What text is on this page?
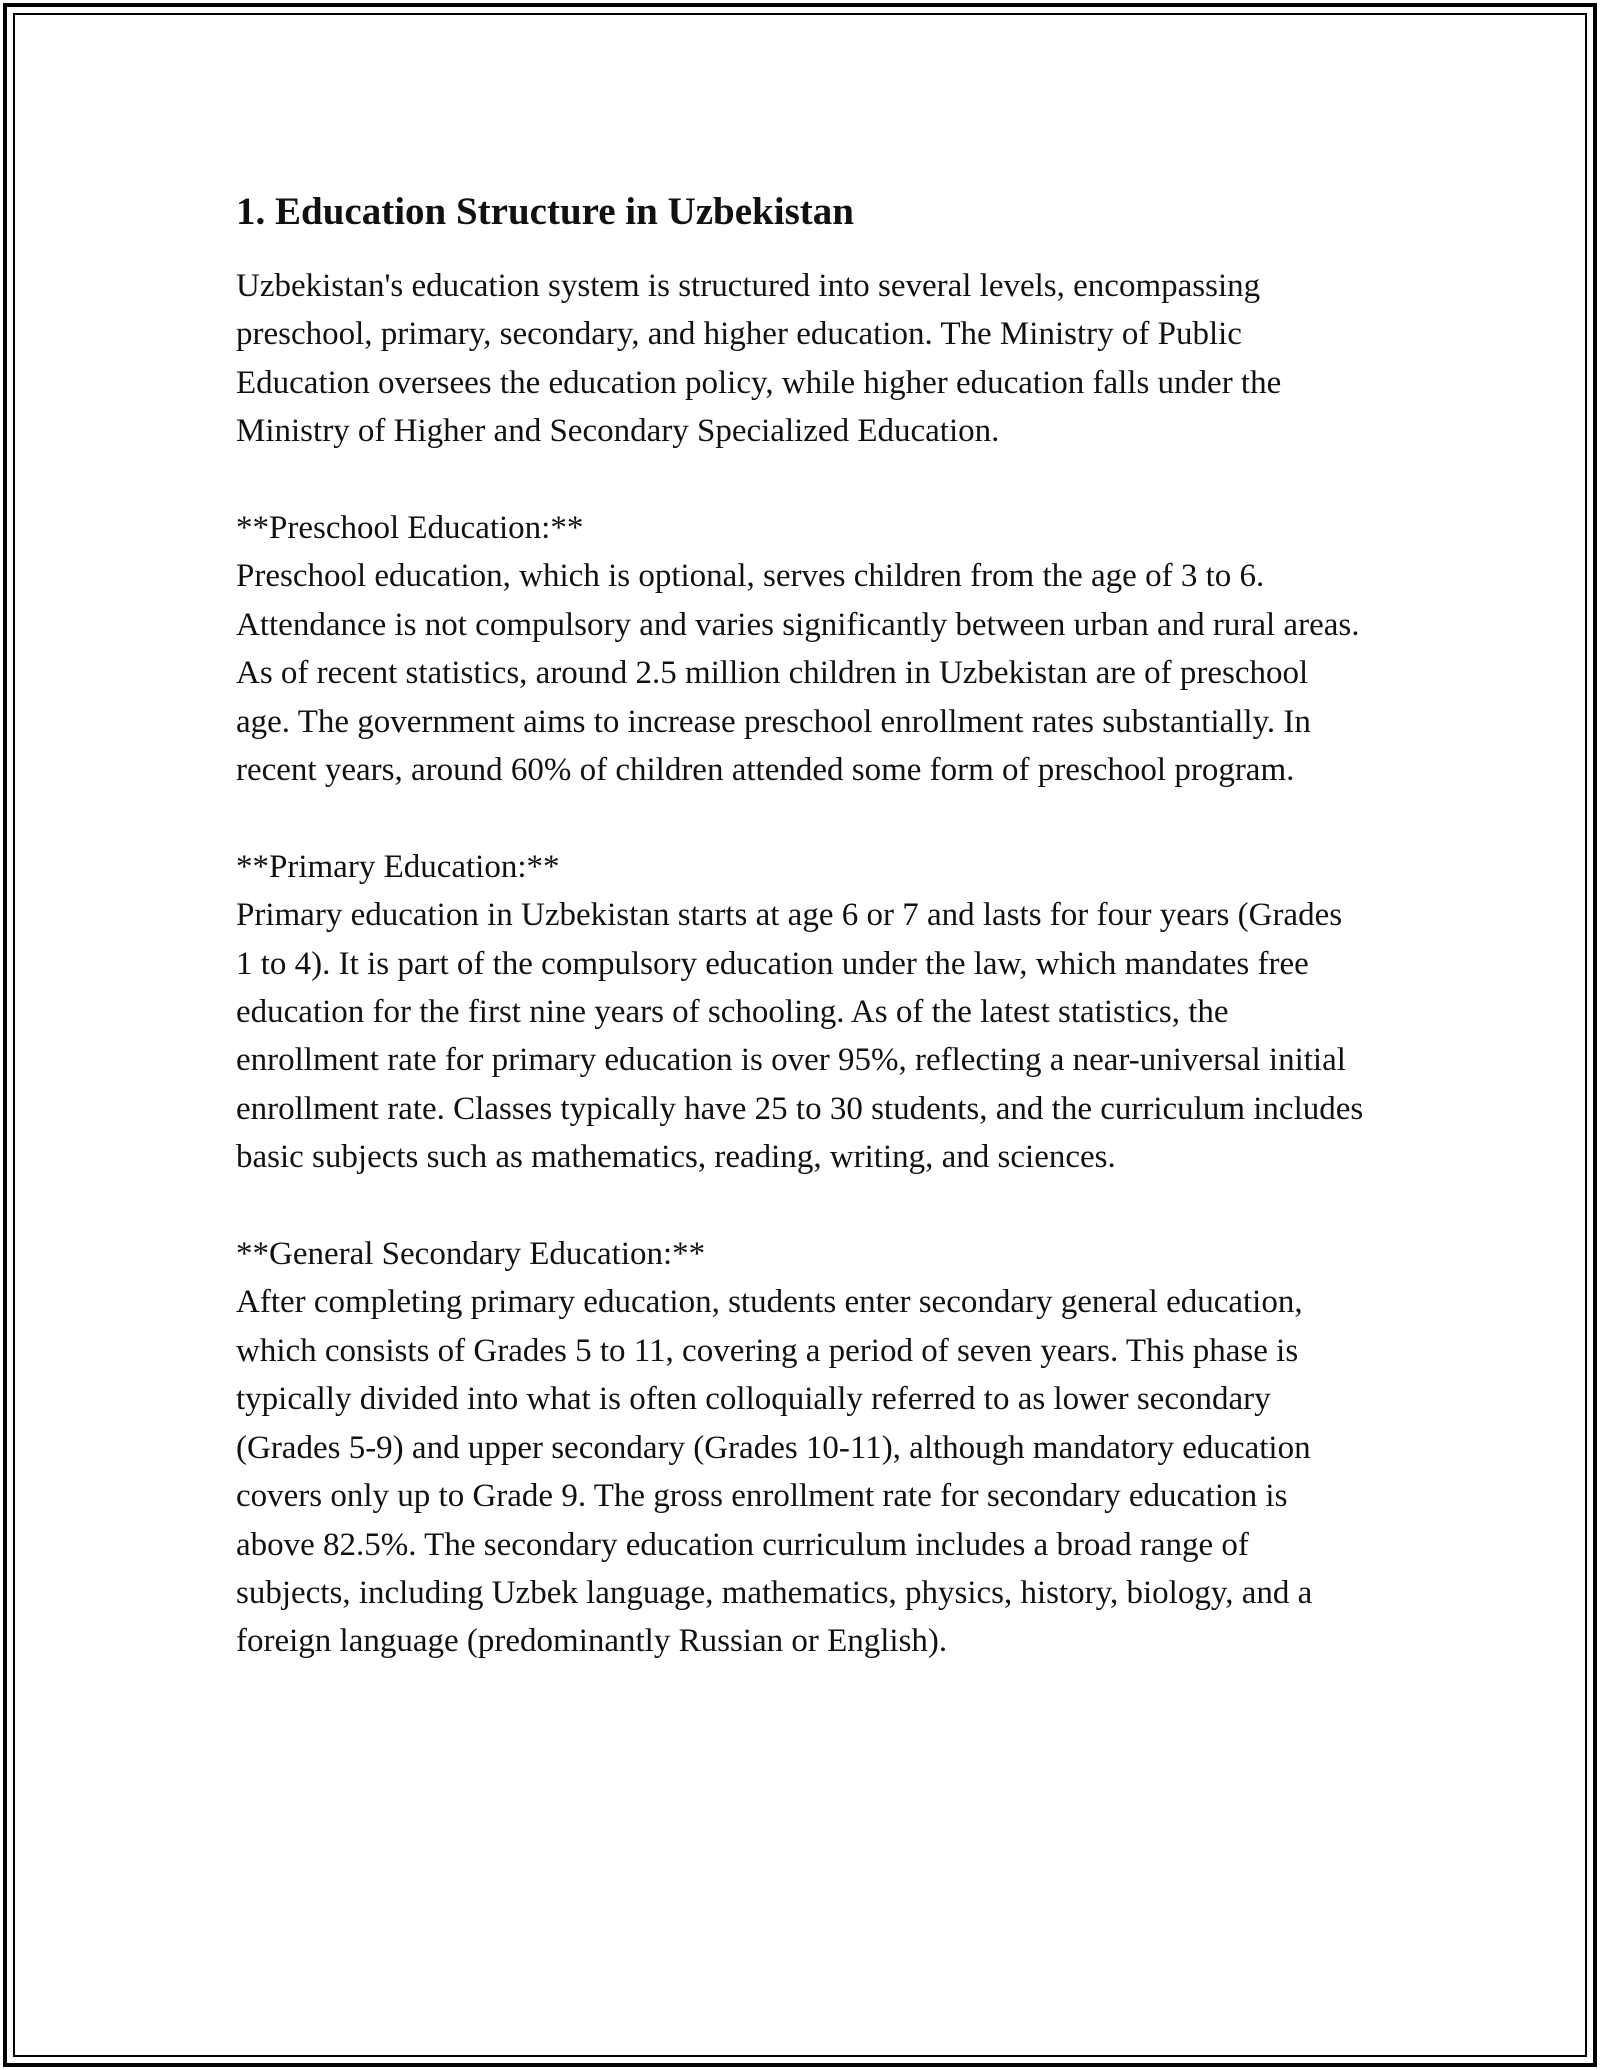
1. Education Structure in Uzbekistan

Uzbekistan's education system is structured into several levels, encompassing preschool, primary, secondary, and higher education. The Ministry of Public Education oversees the education policy, while higher education falls under the Ministry of Higher and Secondary Specialized Education.

**Preschool Education:**

Preschool education, which is optional, serves children from the age of 3 to 6. Attendance is not compulsory and varies significantly between urban and rural areas. As of recent statistics, around 2.5 million children in Uzbekistan are of preschool age. The government aims to increase preschool enrollment rates substantially. In recent years, around 60% of children attended some form of preschool program.

**Primary Education:**

Primary education in Uzbekistan starts at age 6 or 7 and lasts for four years (Grades 1 to 4). It is part of the compulsory education under the law, which mandates free education for the first nine years of schooling. As of the latest statistics, the enrollment rate for primary education is over 95%, reflecting a near-universal initial enrollment rate. Classes typically have 25 to 30 students, and the curriculum includes basic subjects such as mathematics, reading, writing, and sciences.

**General Secondary Education:**

After completing primary education, students enter secondary general education, which consists of Grades 5 to 11, covering a period of seven years. This phase is typically divided into what is often colloquially referred to as lower secondary (Grades 5-9) and upper secondary (Grades 10-11), although mandatory education covers only up to Grade 9. The gross enrollment rate for secondary education is above 82.5%. The secondary education curriculum includes a broad range of subjects, including Uzbek language, mathematics, physics, history, biology, and a foreign language (predominantly Russian or English).
